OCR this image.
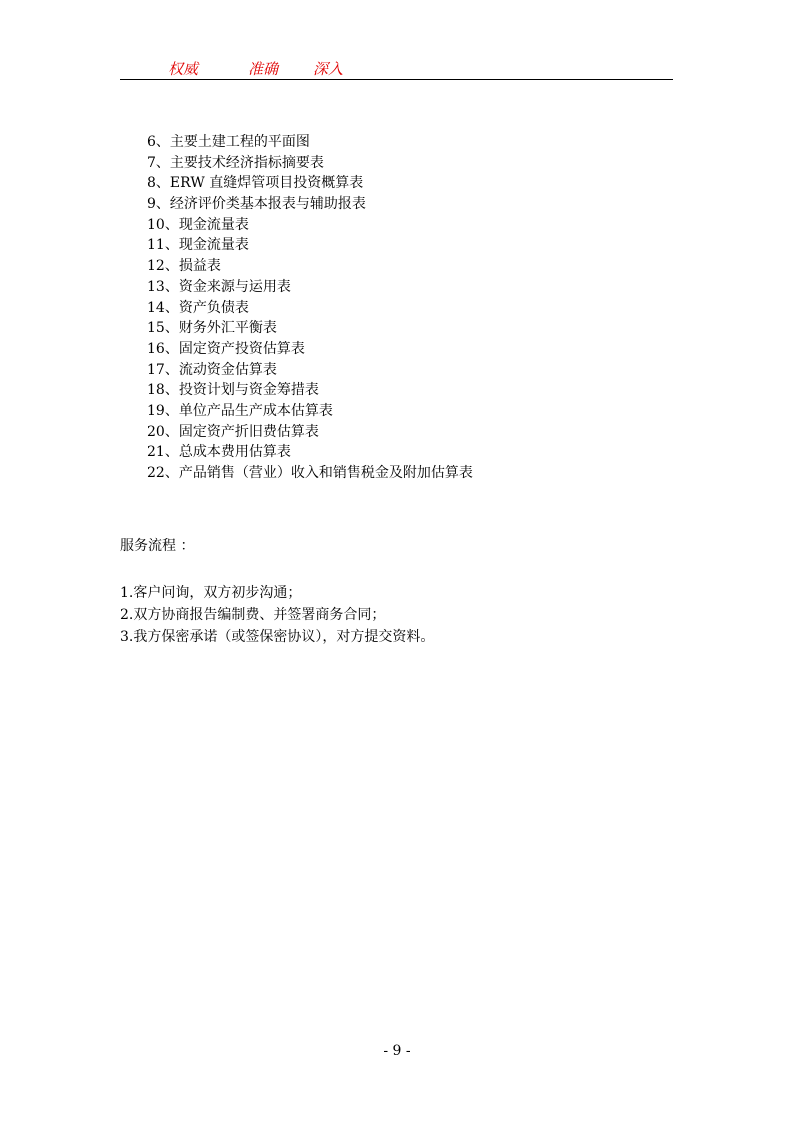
权威	准确 深入
6、主要土建工程的平面图
7、主要技术经济指标摘要表
8、ERW 直缝焊管项目投资概算表
9、经济评价类基本报表与辅助报表
10、现金流量表
11、现金流量表
12、损益表
13、资金来源与运用表
14、资产负债表
15、财务外汇平衡表
16、固定资产投资估算表
17、流动资金估算表
18、投资计划与资金筹措表
19、单位产品生产成本估算表
20、固定资产折旧费估算表
21、总成本费用估算表
22、产品销售（营业）收入和销售税金及附加估算表
服务流程 ：
1.客户问询，双方初步沟通；
2.双方协商报告编制费、并签署商务合同；
3.我方保密承诺（或签保密协议），对方提交资料。
- 9 -
